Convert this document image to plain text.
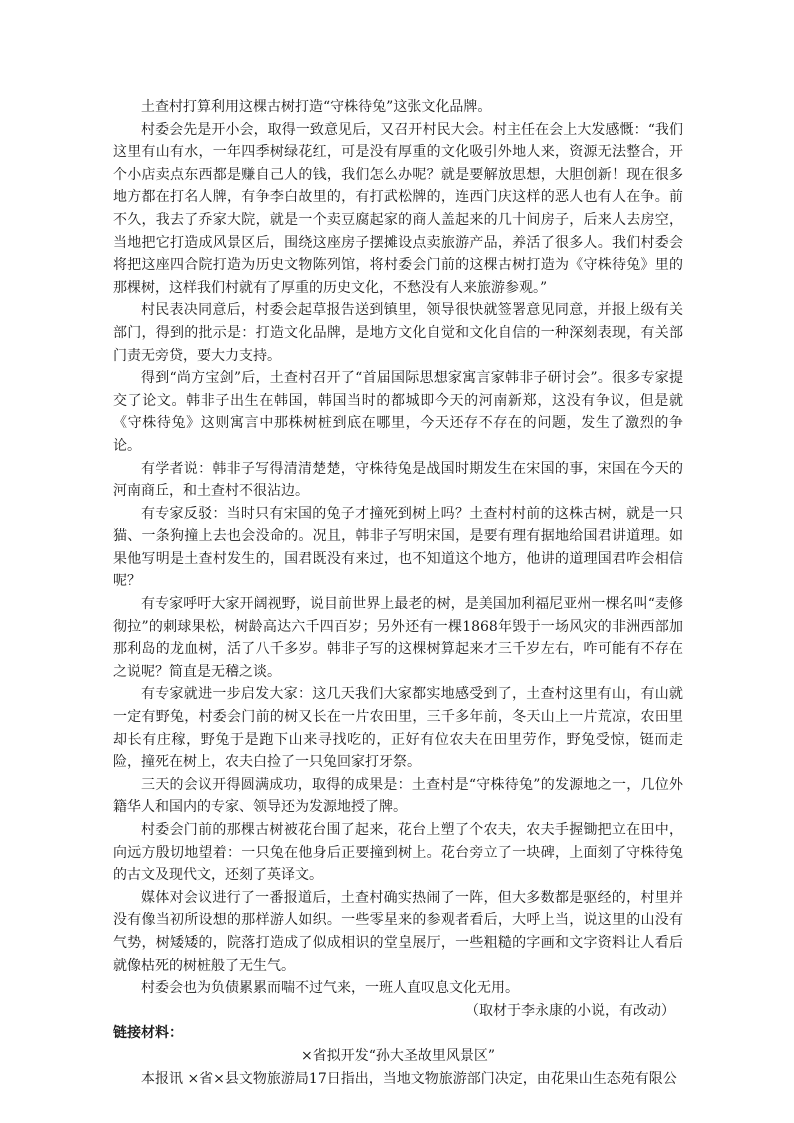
土查村打算利用这棵古树打造“守株待兔”这张文化品牌。

村委会先是开小会，取得一致意见后，又召开村民大会。村主任在会上大发感慨：“我们这里有山有水，一年四季树绿花红，可是没有厚重的文化吸引外地人来，资源无法整合，开个小店卖点东西都是赚自己人的钱，我们怎么办呢？就是要解放思想，大胆创新！现在很多地方都在打名人牌，有争李白故里的，有打武松牌的，连西门庆这样的恶人也有人在争。前不久，我去了乔家大院，就是一个卖豆腐起家的商人盖起来的几十间房子，后来人去房空，当地把它打造成风景区后，围绕这座房子摆摊设点卖旅游产品，养活了很多人。我们村委会将把这座四合院打造为历史文物陈列馆，将村委会门前的这棵古树打造为《守株待兔》里的那棵树，这样我们村就有了厚重的历史文化，不愁没有人来旅游参观。”

村民表决同意后，村委会起草报告送到镇里，领导很快就签署意见同意，并报上级有关部门，得到的批示是：打造文化品牌，是地方文化自觉和文化自信的一种深刻表现，有关部门责无旁贷，要大力支持。

得到“尚方宝剑”后，土查村召开了“首届国际思想家寓言家韩非子研讨会”。很多专家提交了论文。韩非子出生在韩国，韩国当时的都城即今天的河南新郑，这没有争议，但是就《守株待兔》这则寓言中那株树桩到底在哪里，今天还存不存在的问题，发生了激烈的争论。

有学者说：韩非子写得清清楚楚，守株待兔是战国时期发生在宋国的事，宋国在今天的河南商丘，和土查村不很沾边。

有专家反驳：当时只有宋国的兔子才撞死到树上吗？土查村村前的这株古树，就是一只猫、一条狗撞上去也会没命的。况且，韩非子写明宋国，是要有理有据地给国君讲道理。如果他写明是土查村发生的，国君既没有来过，也不知道这个地方，他讲的道理国君咋会相信呢？

有专家呼吁大家开阔视野，说目前世界上最老的树，是美国加利福尼亚州一棵名叫“麦修彻拉”的刺球果松，树龄高达六千四百岁；另外还有一棵1868年毁于一场风灾的非洲西部加那利岛的龙血树，活了八千多岁。韩非子写的这棵树算起来才三千岁左右，咋可能有不存在之说呢？简直是无稽之谈。

有专家就进一步启发大家：这几天我们大家都实地感受到了，土查村这里有山，有山就一定有野兔，村委会门前的树又长在一片农田里，三千多年前，冬天山上一片荒凉，农田里却长有庄稼，野兔于是跑下山来寻找吃的，正好有位农夫在田里劳作，野兔受惊，铤而走险，撞死在树上，农夫白捡了一只兔回家打牙祭。

三天的会议开得圆满成功，取得的成果是：土查村是“守株待兔”的发源地之一，几位外籍华人和国内的专家、领导还为发源地授了牌。

村委会门前的那棵古树被花台围了起来，花台上塑了个农夫，农夫手握锄把立在田中，向远方殷切地望着：一只兔在他身后正要撞到树上。花台旁立了一块碑，上面刻了守株待兔的古文及现代文，还刻了英译文。

媒体对会议进行了一番报道后，土查村确实热闹了一阵，但大多数都是驱经的，村里并没有像当初所设想的那样游人如织。一些零星来的参观者看后，大呼上当，说这里的山没有气势，树矮矮的，院落打造成了似成相识的堂皇展厅，一些粗糙的字画和文字资料让人看后就像枯死的树桩般了无生气。

村委会也为负债累累而喘不过气来，一班人直叹息文化无用。

（取材于李永康的小说，有改动）

链接材料：

×省拟开发“孙大圣故里风景区”

本报讯 ×省×县文物旅游局17日指出，当地文物旅游部门决定，由花果山生态苑有限公
